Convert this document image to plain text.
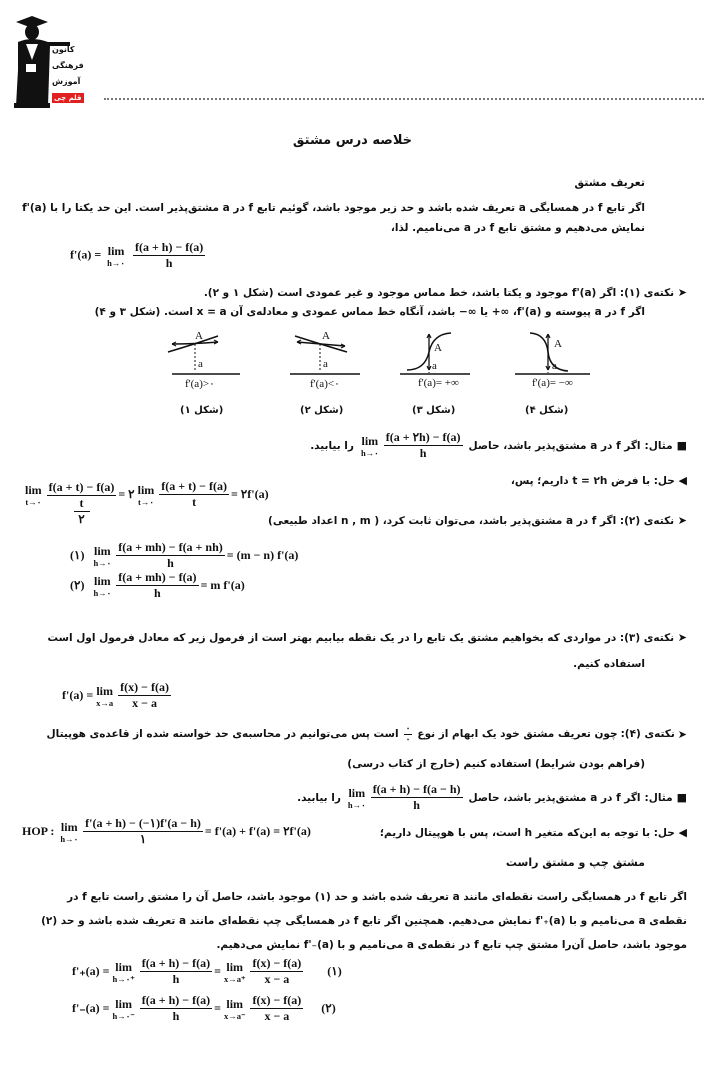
کانون
فرهنگی
آموزش
قلم چی
خلاصه درس مشتق
تعریف مشتق
اگر تابع f در همسایگی a تعریف شده باشد و حد زیر موجود باشد، گوئیم تابع f در a مشتق‌پذیر است. این حد یکتا را با f'(a)
نمایش می‌دهیم و مشتق تابع f در a می‌نامیم. لذا،
f'(a) = lim
h→۰
$\frac{f(a + h) - f(a)}{h}$
➤ نکته‌ی (۱): اگر f'(a) موجود و یکتا باشد، خط مماس موجود و غیر عمودی است (شکل ۱ و ۲).
اگر f در a پیوسته و f'(a)، ∞+ یا ∞− باشد، آنگاه خط مماس عمودی و معادله‌ی آن x = a است. (شکل ۳ و ۴)
A
a
f'(a)>۰
(شکل ۱)
A
a
f'(a)<۰
(شکل ۲)
A
a
f'(a)= +∞
(شکل ۳)
A
a
f'(a)= −∞
(شکل ۴)
■
مثال:
اگر f در a مشتق‌پذیر باشد، حاصل
lim
h→۰ $\frac{f(a + ۲h) - f(a)}{h}$
را بیابید.
◀ حل: با فرض t = ۲h داریم؛ پس،
lim
t→۰
f(a + t) − f(a)
t
۲
= ۲ lim
t→۰ $\frac{f(a + t) - f(a)}{t}$ = ۲f'(a)
➤ نکته‌ی (۲): اگر f در a مشتق‌پذیر باشد، می‌توان ثابت کرد، ( n , m اعداد طبیعی)
(۱) lim
h→۰ $\frac{f(a + mh) - f(a + nh)}{h} = (m - n)$ f'(a)
(۲) lim
h→۰ $\frac{f(a + mh) - f(a)}{h} = m$ f'(a)
➤ نکته‌ی (۳): در مواردی که بخواهیم مشتق یک تابع را در یک نقطه بیابیم بهتر است از فرمول زیر که معادل فرمول اول است
استفاده کنیم.
f'(a) = lim
$x\to a \frac{f(x) - f(a)}{x - a}$
➤
نکته‌ی (۴):
چون تعریف مشتق خود یک ابهام از نوع
$\frac{۰}{۰}$
است پس می‌توانیم در محاسبه‌ی حد خواسته شده از قاعده‌ی هوپیتال
(فراهم بودن شرایط) استفاده کنیم (خارج از کتاب درسی)
■
مثال:
اگر f در a مشتق‌پذیر باشد، حاصل
lim
h→۰ $\frac{f(a + h) - f(a - h)}{h}$
را بیابید.
◀ حل: با توجه به این‌که متغیر h است، پس با هوپیتال داریم؛
HOP : lim
h→۰ $\frac{f'(a + h) - (-۱)f'(a - h)}{۱} = f'(a) + f'(a)$ = ۲f'(a)
مشتق چپ و مشتق راست
اگر تابع f در همسایگی راست نقطه‌ای مانند a تعریف شده باشد و حد (۱) موجود باشد، حاصل آن را مشتق راست تابع f در
نقطه‌ی a می‌نامیم و با f'₊(a) نمایش می‌دهیم. همچنین اگر تابع f در همسایگی چپ نقطه‌ای مانند a تعریف شده باشد و حد (۲)
موجود باشد، حاصل آن‌را مشتق چپ تابع f در نقطه‌ی a می‌نامیم و با f'₋(a) نمایش می‌دهیم.
f'₊(a) = lim
h→۰⁺ $\frac{f(a + h) - f(a)}{h} = \lim$
$x\to a^+ \frac{f(x) - f(a)}{x - a}$ (۱)
f'₋(a) = lim
h→۰⁻ $\frac{f(a + h) - f(a)}{h} = \lim$
$x\to a^- \frac{f(x) - f(a)}{x - a}$ (۲)
